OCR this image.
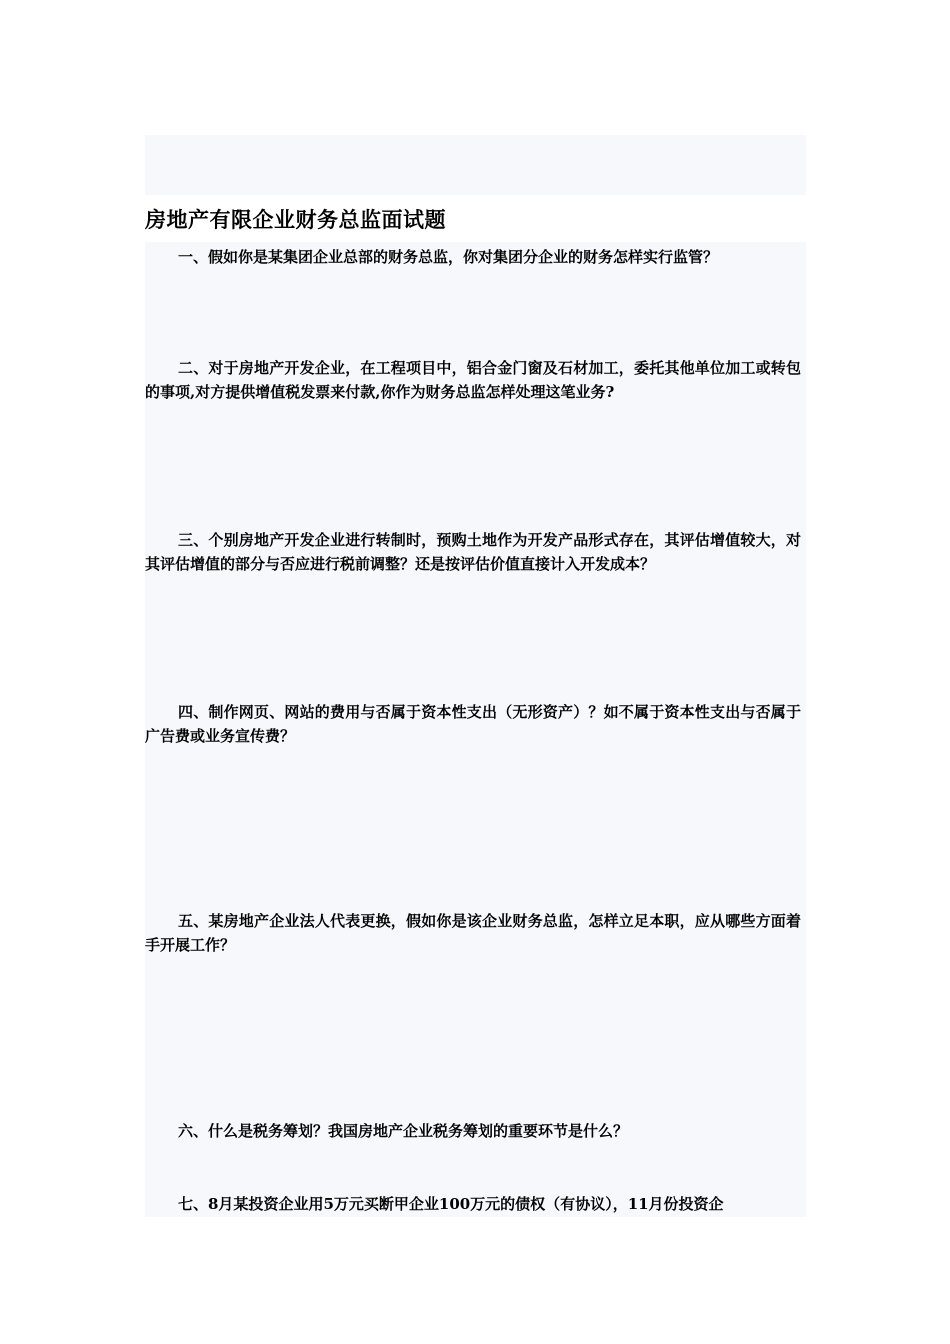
房地产有限企业财务总监面试题

一、假如你是某集团企业总部的财务总监，你对集团分企业的财务怎样实行监管？

二、对于房地产开发企业，在工程项目中，铝合金门窗及石材加工，委托其他单位加工或转包的事项,对方提供增值税发票来付款,你作为财务总监怎样处理这笔业务?

三、个别房地产开发企业进行转制时，预购土地作为开发产品形式存在，其评估增值较大，对其评估增值的部分与否应进行税前调整？还是按评估价值直接计入开发成本？

四、制作网页、网站的费用与否属于资本性支出（无形资产）？如不属于资本性支出与否属于广告费或业务宣传费？

五、某房地产企业法人代表更换，假如你是该企业财务总监，怎样立足本职，应从哪些方面着手开展工作？

六、什么是税务筹划？我国房地产企业税务筹划的重要环节是什么？

七、8月某投资企业用5万元买断甲企业100万元的债权（有协议），11月份投资企
